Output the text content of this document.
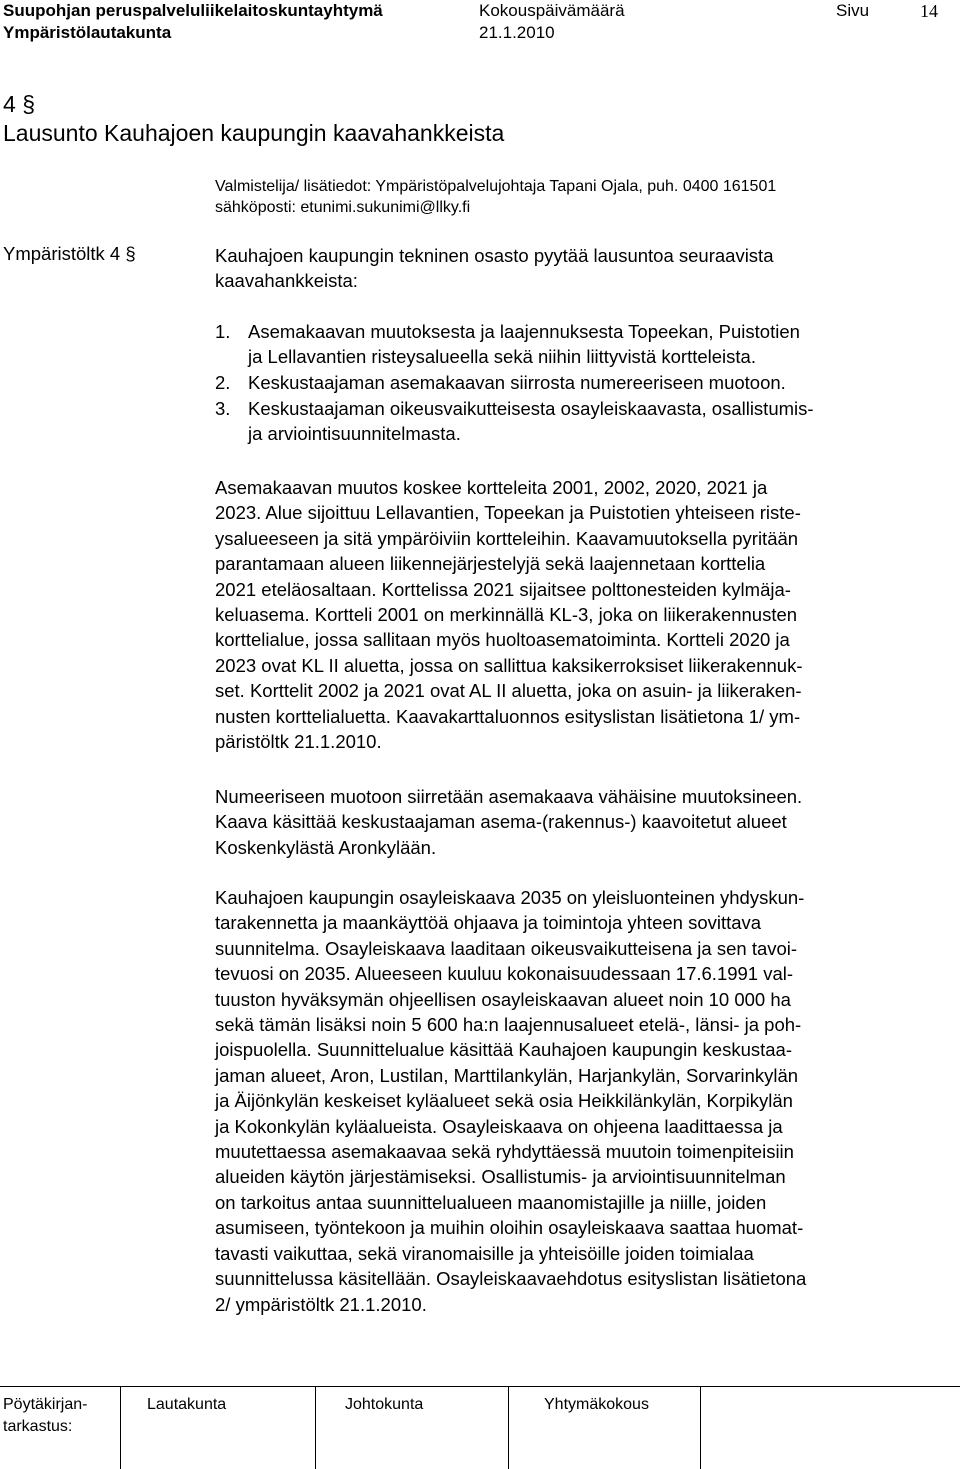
Suupohjan peruspalveluliikelaitoskuntayhtymä	Kokouspäivämäärä	Sivu	14
Ympäristölautakunta	21.1.2010
4 §
Lausunto Kauhajoen kaupungin kaavahankkeista
Valmistelija/ lisätiedot: Ympäristöpalvelujohtaja Tapani Ojala, puh. 0400 161501
sähköposti: etunimi.sukunimi@llky.fi
Ympäristöltk 4 §	Kauhajoen kaupungin tekninen osasto pyytää lausuntoa seuraavista
kaavahankkeista:
1. Asemakaavan muutoksesta ja laajennuksesta Topeekan, Puistotien
ja Lellavantien risteysalueella sekä niihin liittyvistä kortteleista.
2. Keskustaajaman asemakaavan siirrosta numereeriseen muotoon.
3. Keskustaajaman oikeusvaikutteisesta osayleiskaavasta, osallistumis-
ja arviointisuunnitelmasta.
Asemakaavan muutos koskee kortteleita 2001, 2002, 2020, 2021 ja
2023. Alue sijoittuu Lellavantien, Topeekan ja Puistotien yhteiseen riste-
ysalueeseen ja sitä ympäröiviin kortteleihin. Kaavamuutoksella pyritään
parantamaan alueen liikennejärjestelyjä sekä laajennetaan korttelia
2021 eteläosaltaan. Korttelissa 2021 sijaitsee polttonesteiden kylmäja-
keluasema. Kortteli 2001 on merkinnällä KL-3, joka on liikerakennusten
korttelialue, jossa sallitaan myös huoltoasematoiminta. Kortteli 2020 ja
2023 ovat KL II aluetta, jossa on sallittua kaksikerroksiset liikerakennuk-
set. Korttelit 2002 ja 2021 ovat AL II aluetta, joka on asuin- ja liikeraken-
nusten korttelialuetta. Kaavakarttaluonnos esityslistan lisätietona 1/ ym-
päristöltk 21.1.2010.
Numeeriseen muotoon siirretään asemakaava vähäisine muutoksineen.
Kaava käsittää keskustaajaman asema-(rakennus-) kaavoitetut alueet
Koskenkylästä Aronkylään.
Kauhajoen kaupungin osayleiskaava 2035 on yleisluonteinen yhdyskun-
tarakennetta ja maankäyttöä ohjaava ja toimintoja yhteen sovittava
suunnitelma. Osayleiskaava laaditaan oikeusvaikutteisena ja sen tavoi-
tevuosi on 2035. Alueeseen kuuluu kokonaisuudessaan 17.6.1991 val-
tuuston hyväksymän ohjeellisen osayleiskaavan alueet noin 10 000 ha
sekä tämän lisäksi noin 5 600 ha:n laajennusalueet etelä-, länsi- ja poh-
joispuolella. Suunnittelualue käsittää Kauhajoen kaupungin keskustaa-
jaman alueet, Aron, Lustilan, Marttilankylän, Harjankylän, Sorvarinkylän
ja Äijönkylän keskeiset kyläalueet sekä osia Heikkilänkylän, Korpikylän
ja Kokonkylän kyläalueista. Osayleiskaava on ohjeena laadittaessa ja
muutettaessa asemakaavaa sekä ryhdyttäessä muutoin toimenpiteisiin
alueiden käytön järjestämiseksi. Osallistumis- ja arviointisuunnitelman
on tarkoitus antaa suunnittelualueen maanomistajille ja niille, joiden
asumiseen, työntekoon ja muihin oloihin osayleiskaava saattaa huomat-
tavasti vaikuttaa, sekä viranomaisille ja yhteisöille joiden toimialaa
suunnittelussa käsitellään. Osayleiskaavaehdotus esityslistan lisätietona
2/ ympäristöltk 21.1.2010.
Pöytäkirjan-
tarkastus:
Lautakunta	Johtokunta	Yhtymäkokous
